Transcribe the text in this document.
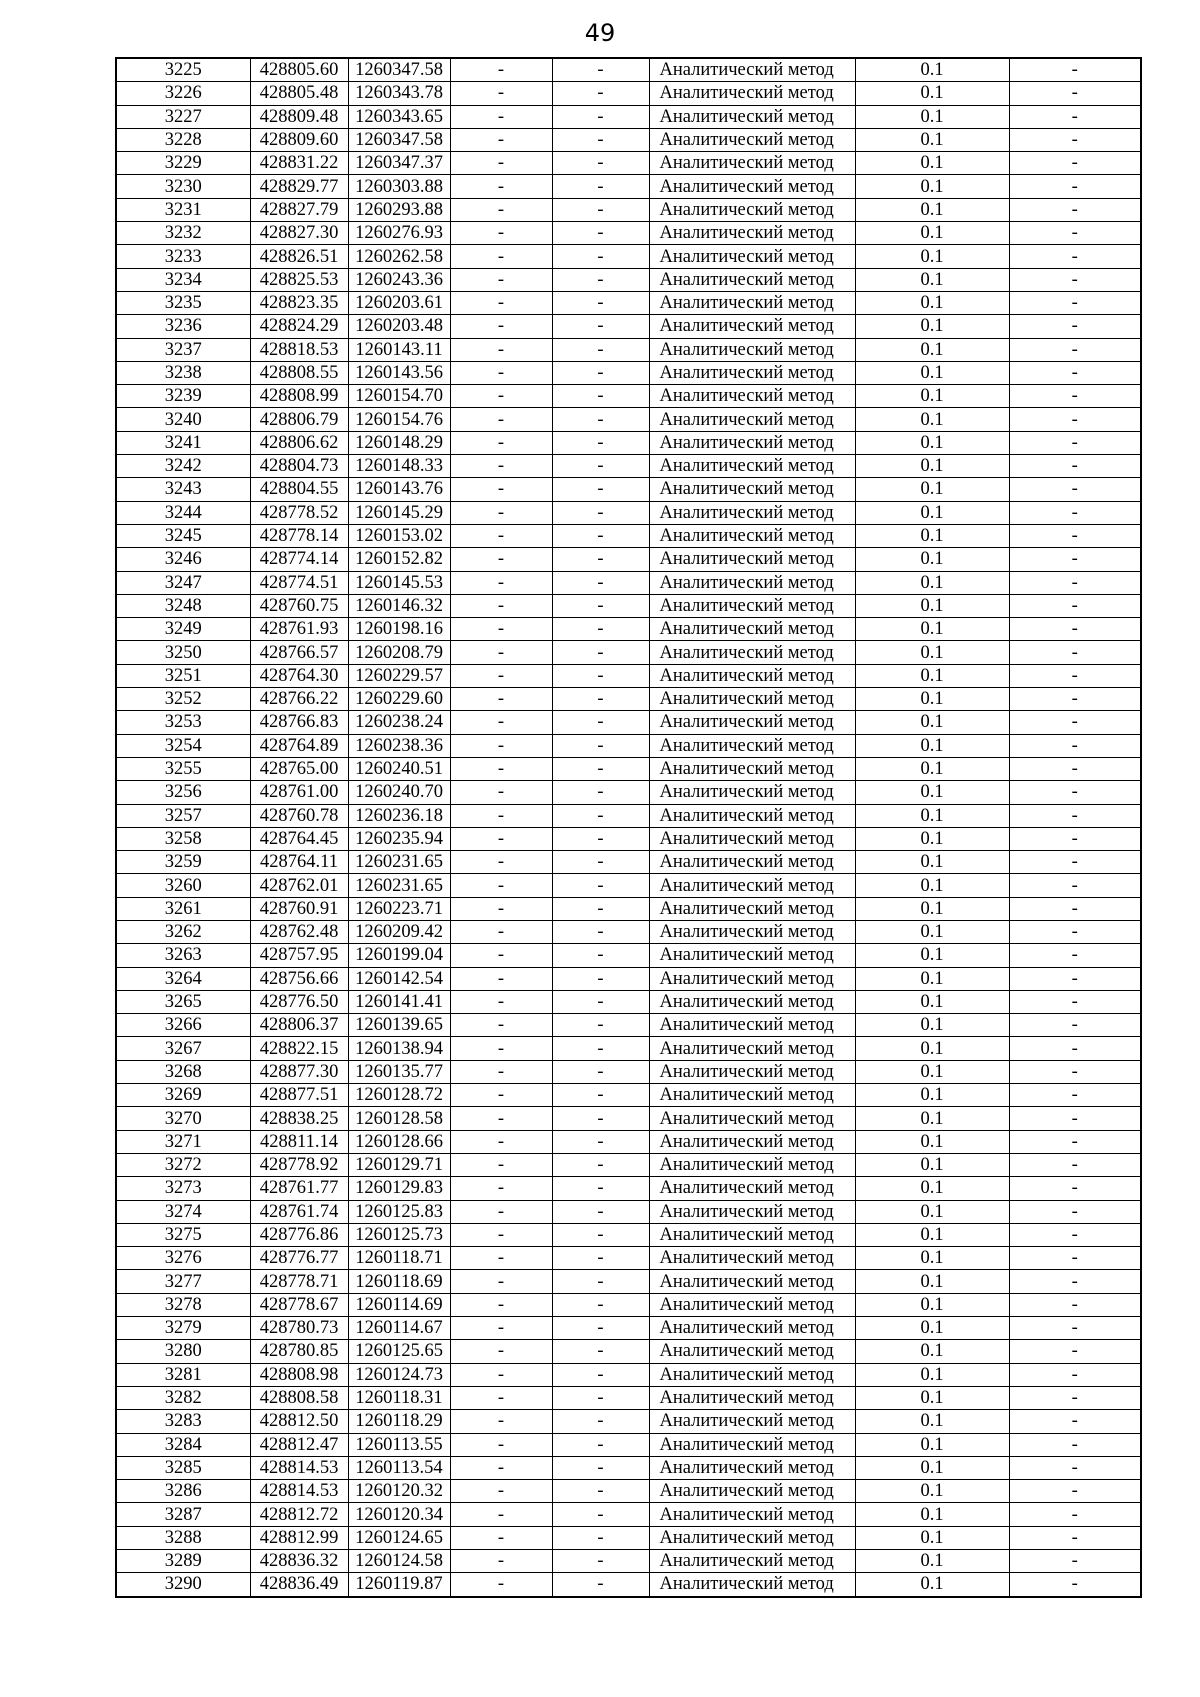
49
3225	428805.60	1260347.58	-	-	Аналитический метод	0.1	-
3226	428805.48	1260343.78	-	-	Аналитический метод	0.1	-
3227	428809.48	1260343.65	-	-	Аналитический метод	0.1	-
3228	428809.60	1260347.58	-	-	Аналитический метод	0.1	-
3229	428831.22	1260347.37	-	-	Аналитический метод	0.1	-
3230	428829.77	1260303.88	-	-	Аналитический метод	0.1	-
3231	428827.79	1260293.88	-	-	Аналитический метод	0.1	-
3232	428827.30	1260276.93	-	-	Аналитический метод	0.1	-
3233	428826.51	1260262.58	-	-	Аналитический метод	0.1	-
3234	428825.53	1260243.36	-	-	Аналитический метод	0.1	-
3235	428823.35	1260203.61	-	-	Аналитический метод	0.1	-
3236	428824.29	1260203.48	-	-	Аналитический метод	0.1	-
3237	428818.53	1260143.11	-	-	Аналитический метод	0.1	-
3238	428808.55	1260143.56	-	-	Аналитический метод	0.1	-
3239	428808.99	1260154.70	-	-	Аналитический метод	0.1	-
3240	428806.79	1260154.76	-	-	Аналитический метод	0.1	-
3241	428806.62	1260148.29	-	-	Аналитический метод	0.1	-
3242	428804.73	1260148.33	-	-	Аналитический метод	0.1	-
3243	428804.55	1260143.76	-	-	Аналитический метод	0.1	-
3244	428778.52	1260145.29	-	-	Аналитический метод	0.1	-
3245	428778.14	1260153.02	-	-	Аналитический метод	0.1	-
3246	428774.14	1260152.82	-	-	Аналитический метод	0.1	-
3247	428774.51	1260145.53	-	-	Аналитический метод	0.1	-
3248	428760.75	1260146.32	-	-	Аналитический метод	0.1	-
3249	428761.93	1260198.16	-	-	Аналитический метод	0.1	-
3250	428766.57	1260208.79	-	-	Аналитический метод	0.1	-
3251	428764.30	1260229.57	-	-	Аналитический метод	0.1	-
3252	428766.22	1260229.60	-	-	Аналитический метод	0.1	-
3253	428766.83	1260238.24	-	-	Аналитический метод	0.1	-
3254	428764.89	1260238.36	-	-	Аналитический метод	0.1	-
3255	428765.00	1260240.51	-	-	Аналитический метод	0.1	-
3256	428761.00	1260240.70	-	-	Аналитический метод	0.1	-
3257	428760.78	1260236.18	-	-	Аналитический метод	0.1	-
3258	428764.45	1260235.94	-	-	Аналитический метод	0.1	-
3259	428764.11	1260231.65	-	-	Аналитический метод	0.1	-
3260	428762.01	1260231.65	-	-	Аналитический метод	0.1	-
3261	428760.91	1260223.71	-	-	Аналитический метод	0.1	-
3262	428762.48	1260209.42	-	-	Аналитический метод	0.1	-
3263	428757.95	1260199.04	-	-	Аналитический метод	0.1	-
3264	428756.66	1260142.54	-	-	Аналитический метод	0.1	-
3265	428776.50	1260141.41	-	-	Аналитический метод	0.1	-
3266	428806.37	1260139.65	-	-	Аналитический метод	0.1	-
3267	428822.15	1260138.94	-	-	Аналитический метод	0.1	-
3268	428877.30	1260135.77	-	-	Аналитический метод	0.1	-
3269	428877.51	1260128.72	-	-	Аналитический метод	0.1	-
3270	428838.25	1260128.58	-	-	Аналитический метод	0.1	-
3271	428811.14	1260128.66	-	-	Аналитический метод	0.1	-
3272	428778.92	1260129.71	-	-	Аналитический метод	0.1	-
3273	428761.77	1260129.83	-	-	Аналитический метод	0.1	-
3274	428761.74	1260125.83	-	-	Аналитический метод	0.1	-
3275	428776.86	1260125.73	-	-	Аналитический метод	0.1	-
3276	428776.77	1260118.71	-	-	Аналитический метод	0.1	-
3277	428778.71	1260118.69	-	-	Аналитический метод	0.1	-
3278	428778.67	1260114.69	-	-	Аналитический метод	0.1	-
3279	428780.73	1260114.67	-	-	Аналитический метод	0.1	-
3280	428780.85	1260125.65	-	-	Аналитический метод	0.1	-
3281	428808.98	1260124.73	-	-	Аналитический метод	0.1	-
3282	428808.58	1260118.31	-	-	Аналитический метод	0.1	-
3283	428812.50	1260118.29	-	-	Аналитический метод	0.1	-
3284	428812.47	1260113.55	-	-	Аналитический метод	0.1	-
3285	428814.53	1260113.54	-	-	Аналитический метод	0.1	-
3286	428814.53	1260120.32	-	-	Аналитический метод	0.1	-
3287	428812.72	1260120.34	-	-	Аналитический метод	0.1	-
3288	428812.99	1260124.65	-	-	Аналитический метод	0.1	-
3289	428836.32	1260124.58	-	-	Аналитический метод	0.1	-
3290	428836.49	1260119.87	-	-	Аналитический метод	0.1	-
